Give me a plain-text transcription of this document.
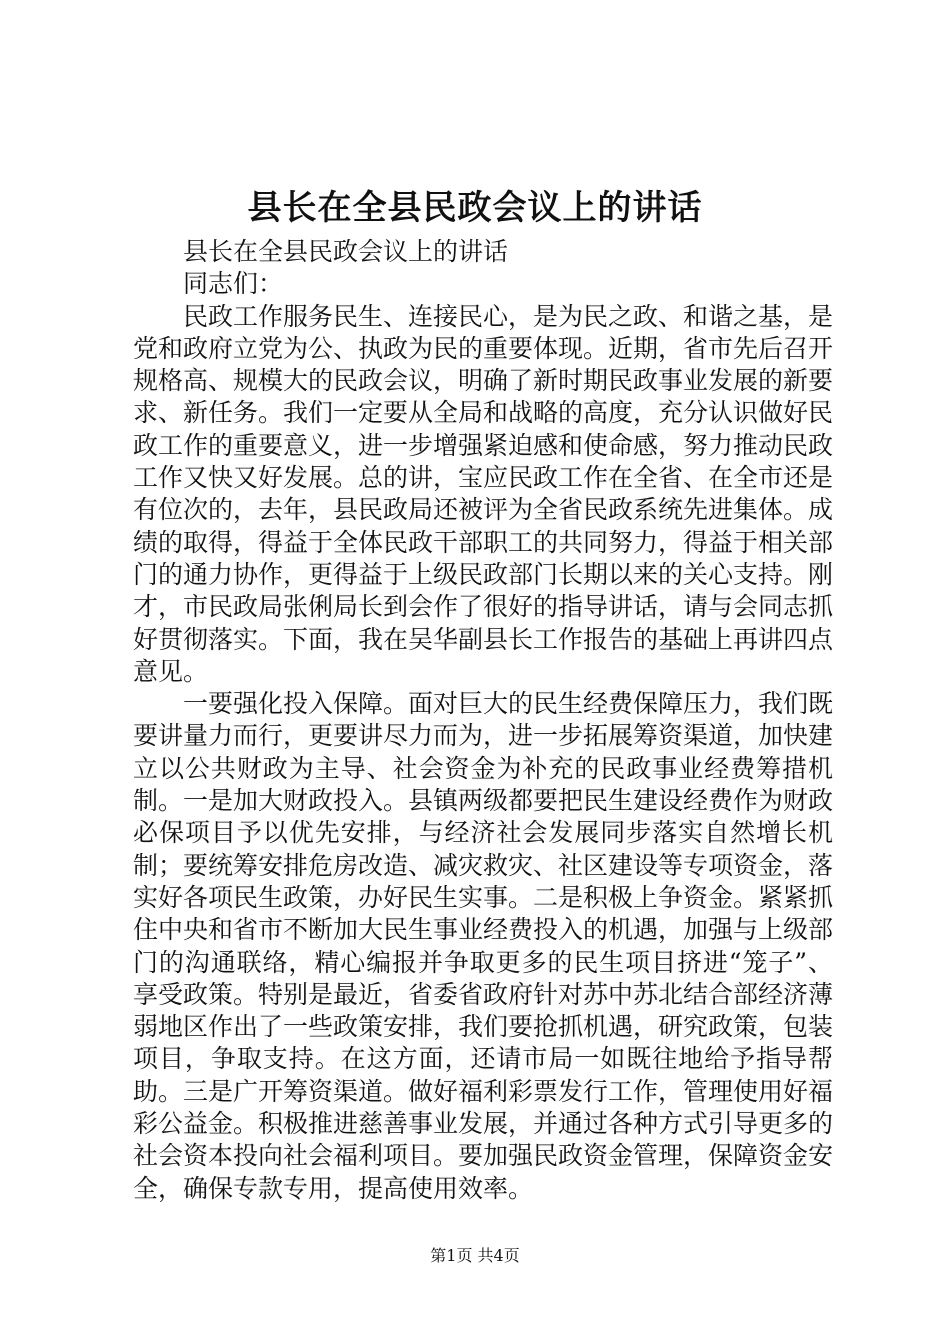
县长在全县民政会议上的讲话

县长在全县民政会议上的讲话

同志们：

民政工作服务民生、连接民心，是为民之政、和谐之基，是党和政府立党为公、执政为民的重要体现。近期，省市先后召开规格高、规模大的民政会议，明确了新时期民政事业发展的新要求、新任务。我们一定要从全局和战略的高度，充分认识做好民政工作的重要意义，进一步增强紧迫感和使命感，努力推动民政工作又快又好发展。总的讲，宝应民政工作在全省、在全市还是有位次的，去年，县民政局还被评为全省民政系统先进集体。成绩的取得，得益于全体民政干部职工的共同努力，得益于相关部门的通力协作，更得益于上级民政部门长期以来的关心支持。刚才，市民政局张俐局长到会作了很好的指导讲话，请与会同志抓好贯彻落实。下面，我在吴华副县长工作报告的基础上再讲四点意见。

一要强化投入保障。面对巨大的民生经费保障压力，我们既要讲量力而行，更要讲尽力而为，进一步拓展筹资渠道，加快建立以公共财政为主导、社会资金为补充的民政事业经费筹措机制。一是加大财政投入。县镇两级都要把民生建设经费作为财政必保项目予以优先安排，与经济社会发展同步落实自然增长机制；要统筹安排危房改造、减灾救灾、社区建设等专项资金，落实好各项民生政策，办好民生实事。二是积极上争资金。紧紧抓住中央和省市不断加大民生事业经费投入的机遇，加强与上级部门的沟通联络，精心编报并争取更多的民生项目挤进“笼子”、享受政策。特别是最近，省委省政府针对苏中苏北结合部经济薄弱地区作出了一些政策安排，我们要抢抓机遇，研究政策，包装项目，争取支持。在这方面，还请市局一如既往地给予指导帮助。三是广开筹资渠道。做好福利彩票发行工作，管理使用好福彩公益金。积极推进慈善事业发展，并通过各种方式引导更多的社会资本投向社会福利项目。要加强民政资金管理，保障资金安全，确保专款专用，提高使用效率。

第1页 共4页
